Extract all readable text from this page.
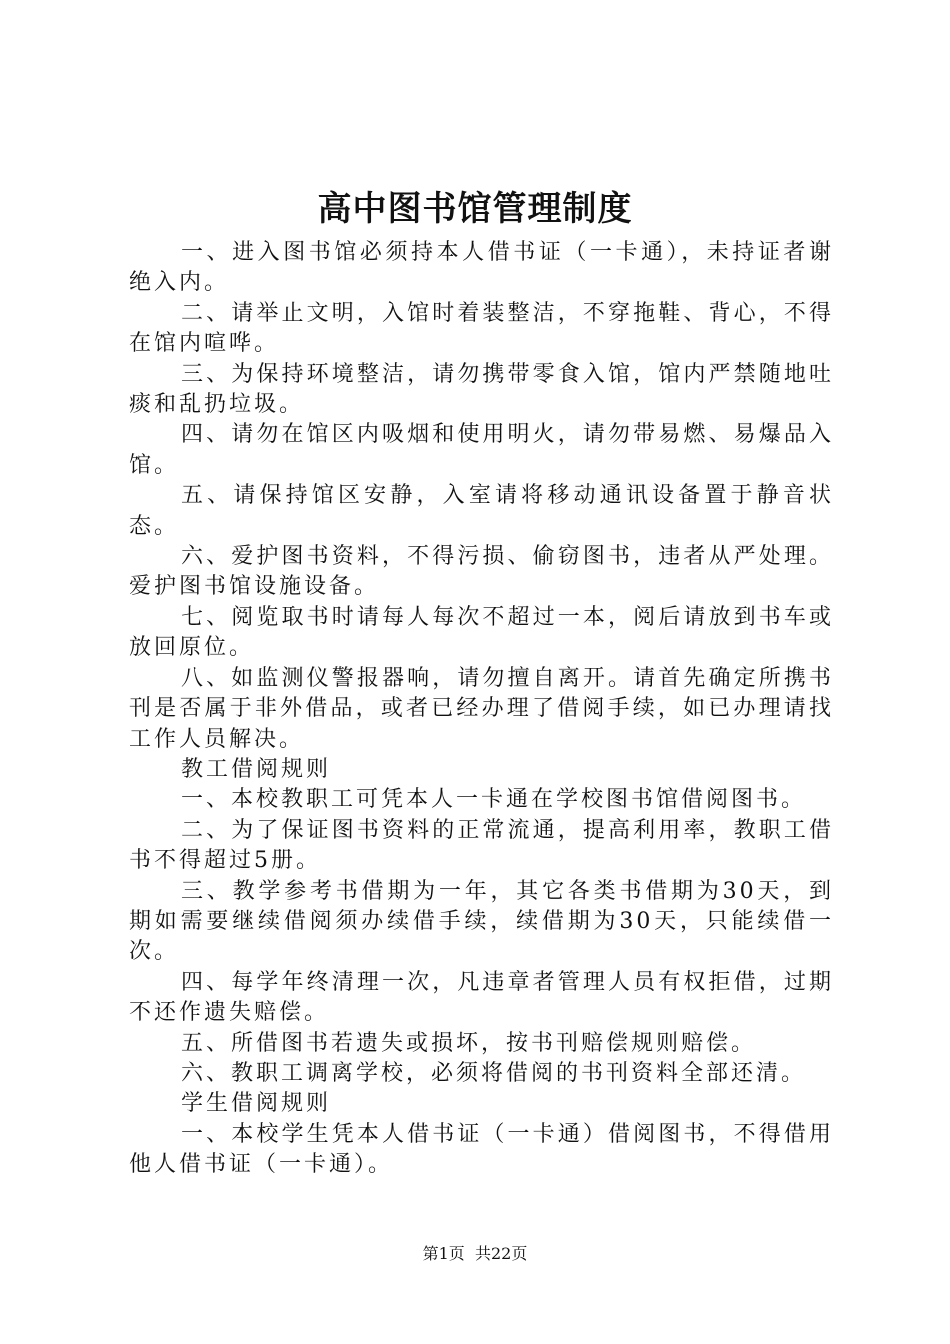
高中图书馆管理制度

一、进入图书馆必须持本人借书证（一卡通），未持证者谢绝入内。

二、请举止文明，入馆时着装整洁，不穿拖鞋、背心，不得在馆内喧哗。

三、为保持环境整洁，请勿携带零食入馆，馆内严禁随地吐痰和乱扔垃圾。

四、请勿在馆区内吸烟和使用明火，请勿带易燃、易爆品入馆。

五、请保持馆区安静，入室请将移动通讯设备置于静音状态。

六、爱护图书资料，不得污损、偷窃图书，违者从严处理。爱护图书馆设施设备。

七、阅览取书时请每人每次不超过一本，阅后请放到书车或放回原位。

八、如监测仪警报器响，请勿擅自离开。请首先确定所携书刊是否属于非外借品，或者已经办理了借阅手续，如已办理请找工作人员解决。

教工借阅规则

一、本校教职工可凭本人一卡通在学校图书馆借阅图书。

二、为了保证图书资料的正常流通，提高利用率，教职工借书不得超过5册。

三、教学参考书借期为一年，其它各类书借期为30天，到期如需要继续借阅须办续借手续，续借期为30天，只能续借一次。

四、每学年终清理一次，凡违章者管理人员有权拒借，过期不还作遗失赔偿。

五、所借图书若遗失或损坏，按书刊赔偿规则赔偿。

六、教职工调离学校，必须将借阅的书刊资料全部还清。

学生借阅规则

一、本校学生凭本人借书证（一卡通）借阅图书，不得借用他人借书证（一卡通）。

第1页 共22页
